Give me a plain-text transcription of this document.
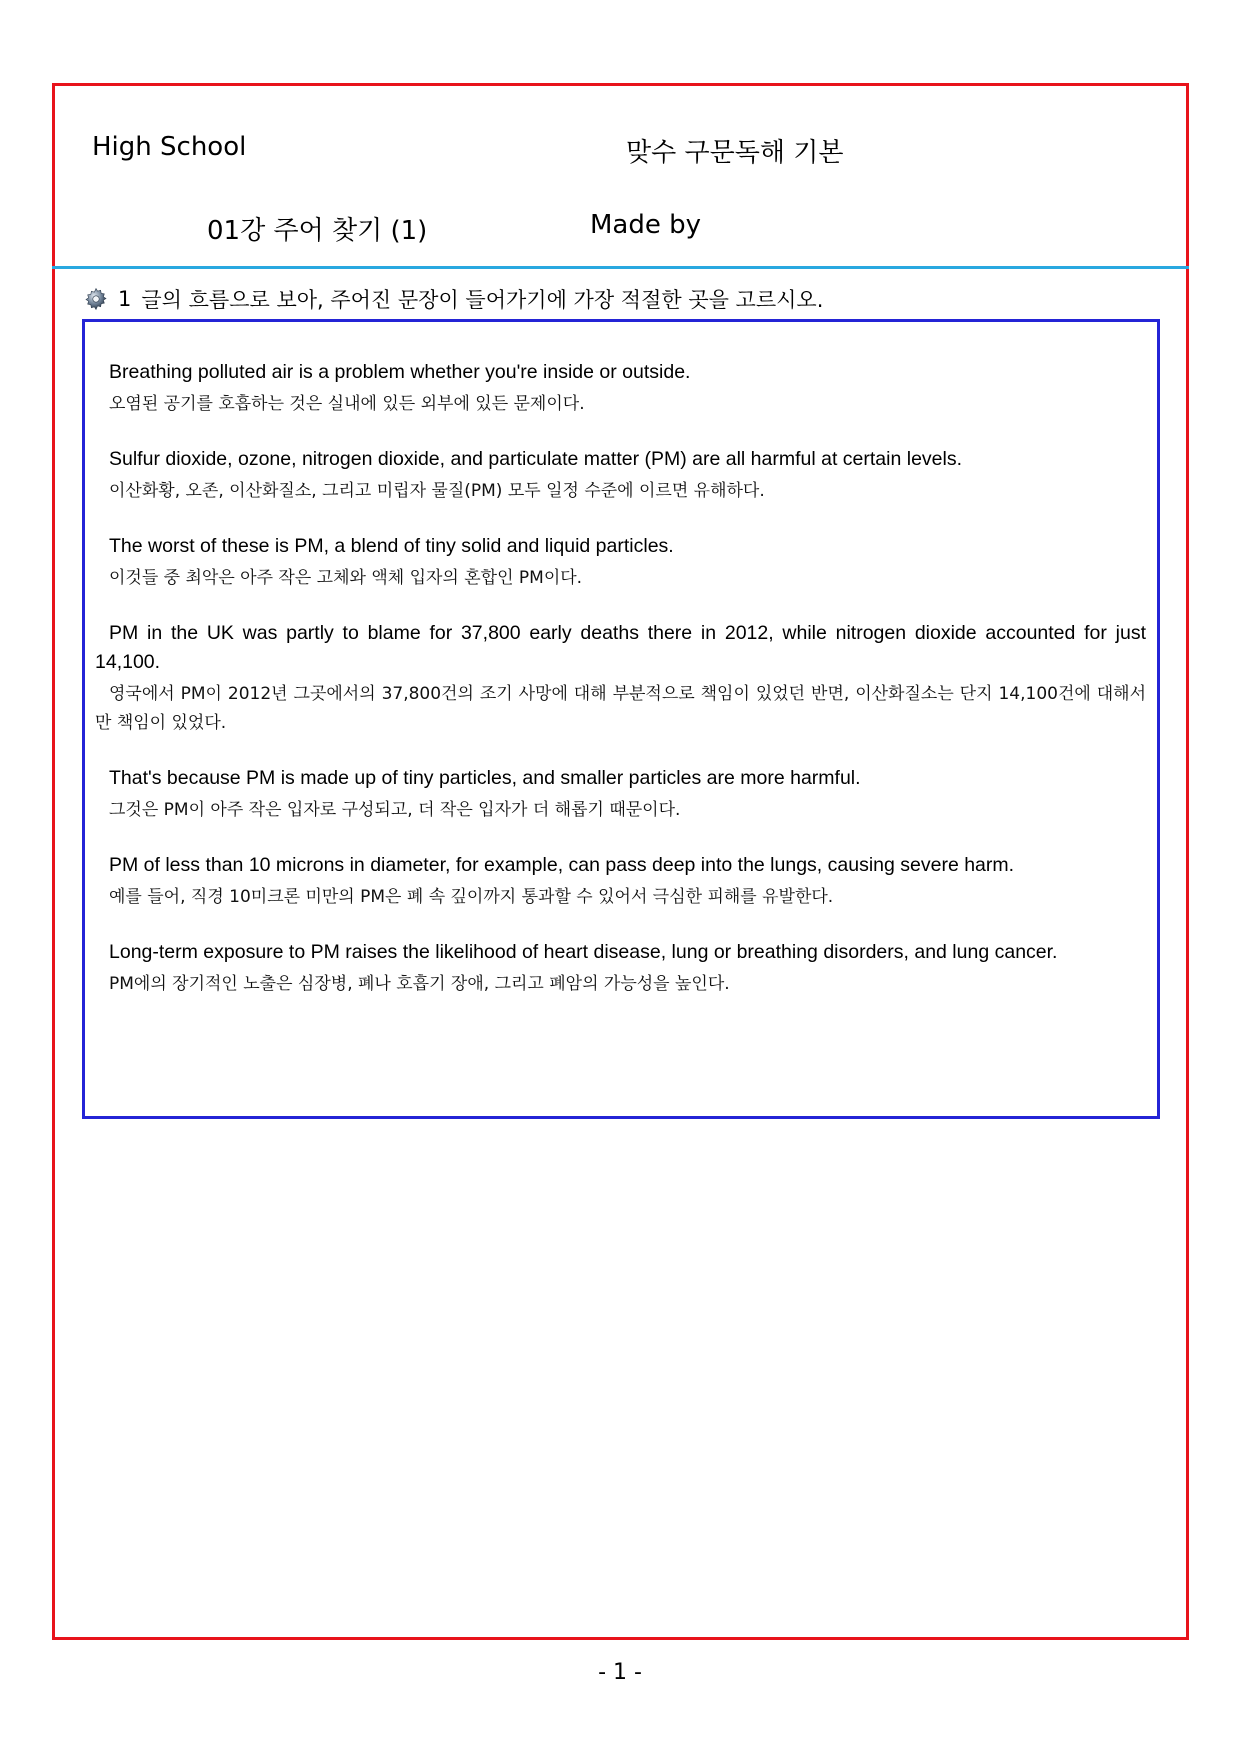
High School	맞수 구문독해 기본
01강 주어 찾기 (1)	Made by
1 글의 흐름으로 보아, 주어진 문장이 들어가기에 가장 적절한 곳을 고르시오.

Breathing polluted air is a problem whether you're inside or outside.

오염된 공기를 호흡하는 것은 실내에 있든 외부에 있든 문제이다.

Sulfur dioxide, ozone, nitrogen dioxide, and particulate matter (PM) are all harmful at certain levels.

이산화황, 오존, 이산화질소, 그리고 미립자 물질(PM) 모두 일정 수준에 이르면 유해하다.

The worst of these is PM, a blend of tiny solid and liquid particles.

이것들 중 최악은 아주 작은 고체와 액체 입자의 혼합인 PM이다.

PM in the UK was partly to blame for 37,800 early deaths there in 2012, while nitrogen dioxide accounted for just 14,100.

영국에서 PM이 2012년 그곳에서의 37,800건의 조기 사망에 대해 부분적으로 책임이 있었던 반면, 이산화질소는 단지 14,100건에 대해서만 책임이 있었다.

That's because PM is made up of tiny particles, and smaller particles are more harmful.

그것은 PM이 아주 작은 입자로 구성되고, 더 작은 입자가 더 해롭기 때문이다.

PM of less than 10 microns in diameter, for example, can pass deep into the lungs, causing severe harm.

예를 들어, 직경 10미크론 미만의 PM은 폐 속 깊이까지 통과할 수 있어서 극심한 피해를 유발한다.

Long-term exposure to PM raises the likelihood of heart disease, lung or breathing disorders, and lung cancer.

PM에의 장기적인 노출은 심장병, 폐나 호흡기 장애, 그리고 폐암의 가능성을 높인다.

- 1 -
